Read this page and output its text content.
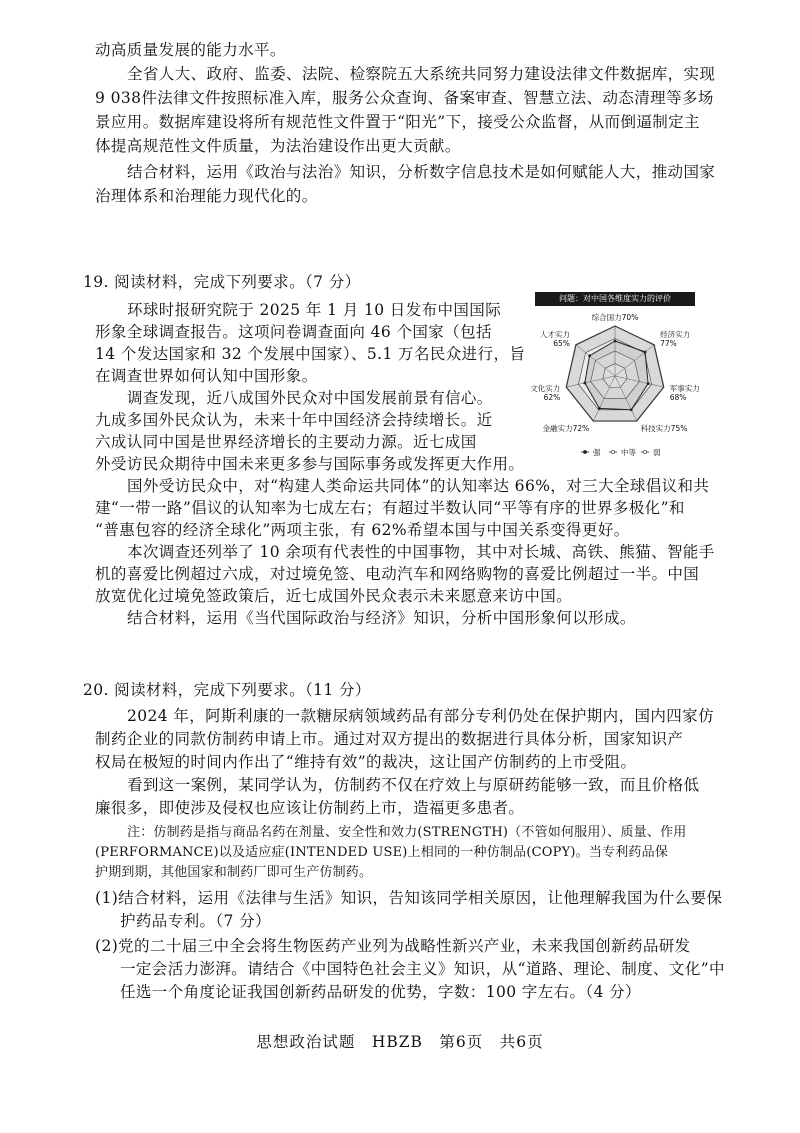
动高质量发展的能力水平。
全省人大、政府、监委、法院、检察院五大系统共同努力建设法律文件数据库，实现
9 038件法律文件按照标准入库，服务公众查询、备案审查、智慧立法、动态清理等多场
景应用。数据库建设将所有规范性文件置于“阳光”下，接受公众监督，从而倒逼制定主
体提高规范性文件质量，为法治建设作出更大贡献。
结合材料，运用《政治与法治》知识，分析数字信息技术是如何赋能人大，推动国家
治理体系和治理能力现代化的。
19. 阅读材料，完成下列要求。（7 分）
环球时报研究院于 2025 年 1 月 10 日发布中国国际
形象全球调查报告。这项问卷调查面向 46 个国家（包括
14 个发达国家和 32 个发展中国家）、5.1 万名民众进行，旨
在调查世界如何认知中国形象。
调查发现，近八成国外民众对中国发展前景有信心。
九成多国外民众认为，未来十年中国经济会持续增长。近
六成认同中国是世界经济增长的主要动力源。近七成国
外受访民众期待中国未来更多参与国际事务或发挥更大作用。
国外受访民众中，对“构建人类命运共同体”的认知率达 66%，对三大全球倡议和共
建“一带一路”倡议的认知率为七成左右；有超过半数认同“平等有序的世界多极化”和
“普惠包容的经济全球化”两项主张，有 62%希望本国与中国关系变得更好。
本次调查还列举了 10 余项有代表性的中国事物，其中对长城、高铁、熊猫、智能手
机的喜爱比例超过六成，对过境免签、电动汽车和网络购物的喜爱比例超过一半。中国
放宽优化过境免签政策后，近七成国外民众表示未来愿意来访中国。
结合材料，运用《当代国际政治与经济》知识，分析中国形象何以形成。
综合国力70%
经济实力
77%
军事实力
68%
科技实力75%
金融实力72%
文化实力
62%
人才实力
65%
强	中等 弱
问题：对中国各维度实力的评价
20. 阅读材料，完成下列要求。（11 分）
2024 年，阿斯利康的一款糖尿病领域药品有部分专利仍处在保护期内，国内四家仿
制药企业的同款仿制药申请上市。通过对双方提出的数据进行具体分析，国家知识产
权局在极短的时间内作出了“维持有效”的裁决，这让国产仿制药的上市受阻。
看到这一案例，某同学认为，仿制药不仅在疗效上与原研药能够一致，而且价格低
廉很多，即使涉及侵权也应该让仿制药上市，造福更多患者。
注：仿制药是指与商品名药在剂量、安全性和效力(STRENGTH)（不管如何服用）、质量、作用
(PERFORMANCE)以及适应症(INTENDED USE)上相同的一种仿制品(COPY)。当专利药品保
护期到期，其他国家和制药厂即可生产仿制药。
思想政治试题　HBZB　第6页　共6页
(1)结合材料，运用《法律与生活》知识，告知该同学相关原因，让他理解我国为什么要保
护药品专利。（7 分）
(2)党的二十届三中全会将生物医药产业列为战略性新兴产业，未来我国创新药品研发
一定会活力澎湃。请结合《中国特色社会主义》知识，从“道路、理论、制度、文化”中
任选一个角度论证我国创新药品研发的优势，字数：100 字左右。（4 分）
